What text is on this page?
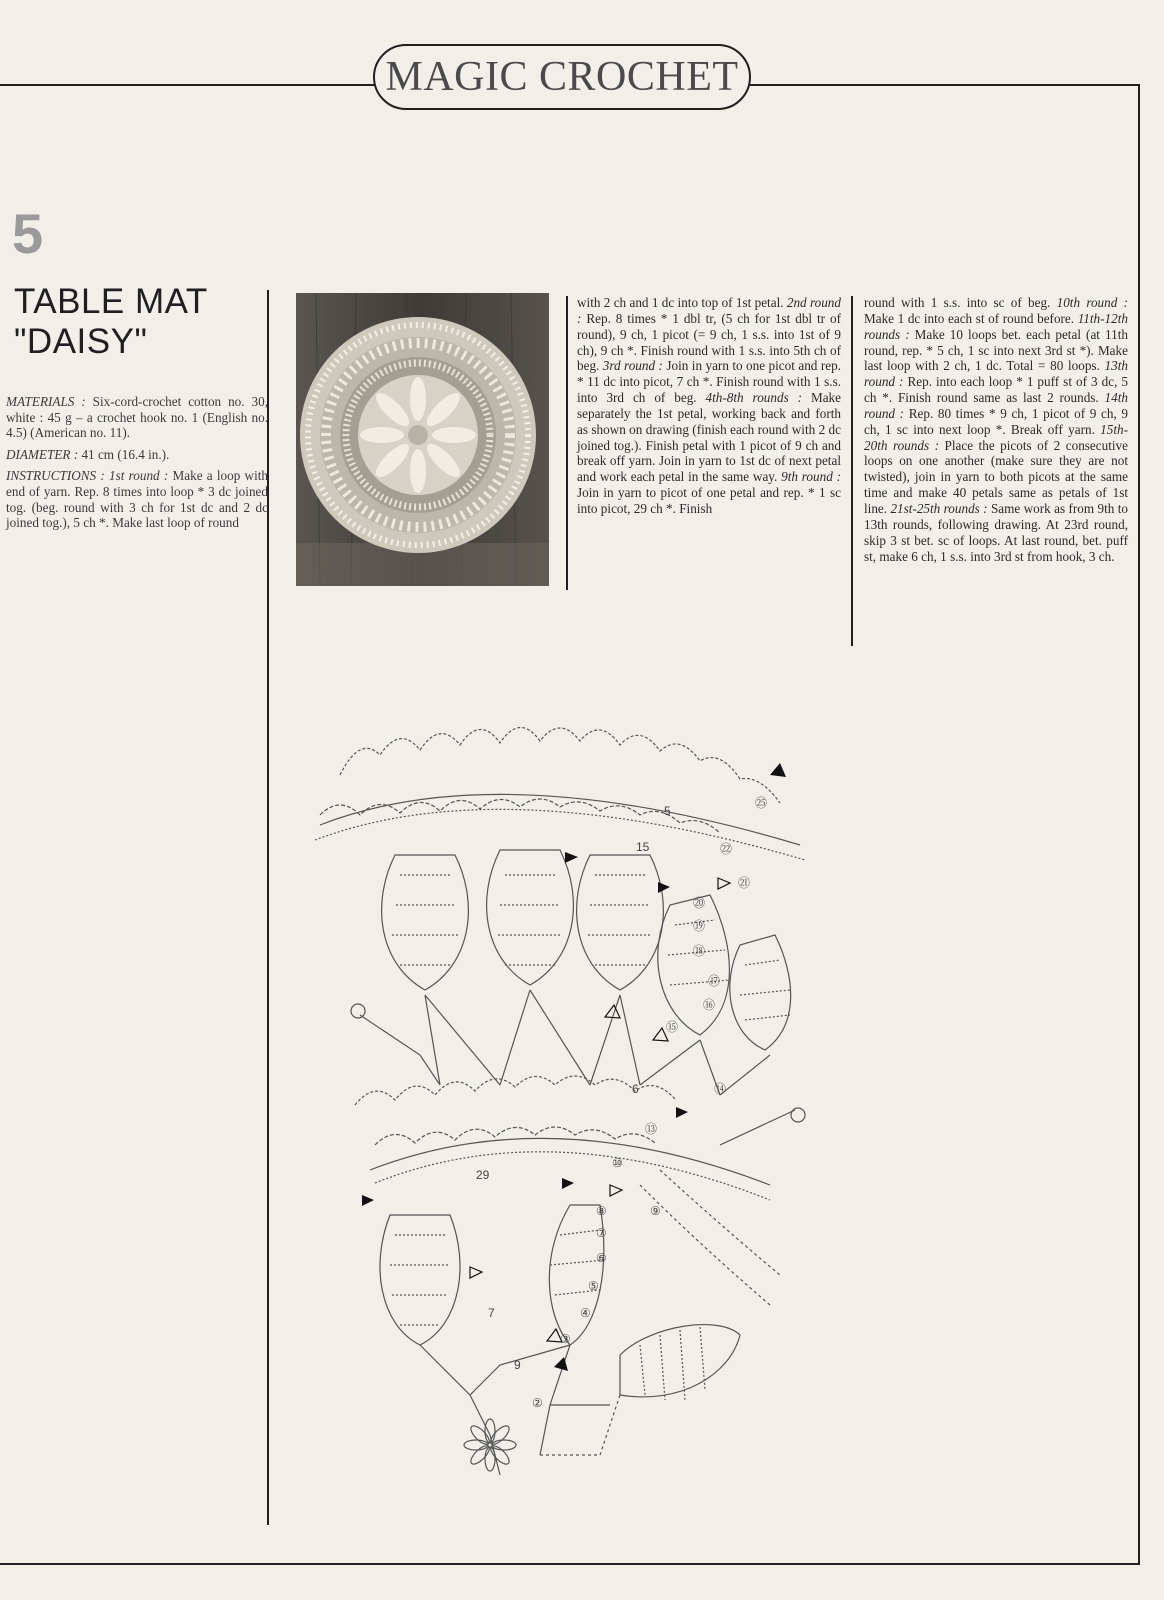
MAGIC CROCHET
5
TABLE MAT
"DAISY"

MATERIALS : Six-cord-crochet cotton no. 30, white : 45 g – a crochet hook no. 1 (English no. 4.5) (American no. 11).

DIAMETER : 41 cm (16.4 in.).

INSTRUCTIONS : 1st round : Make a loop with end of yarn. Rep. 8 times into loop * 3 dc joined tog. (beg. round with 3 ch for 1st dc and 2 dc joined tog.), 5 ch *. Make last loop of round

with 2 ch and 1 dc into top of 1st petal. 2nd round : Rep. 8 times * 1 dbl tr, (5 ch for 1st dbl tr of round), 9 ch, 1 picot (= 9 ch, 1 s.s. into 1st of 9 ch), 9 ch *. Finish round with 1 s.s. into 5th ch of beg. 3rd round : Join in yarn to one picot and rep. * 11 dc into picot, 7 ch *. Finish round with 1 s.s. into 3rd ch of beg. 4th-8th rounds : Make separately the 1st petal, working back and forth as shown on drawing (finish each round with 2 dc joined tog.). Finish petal with 1 picot of 9 ch and break off yarn. Join in yarn to 1st dc of next petal and work each petal in the same way. 9th round : Join in yarn to picot of one petal and rep. * 1 sc into picot, 29 ch *. Finish

round with 1 s.s. into sc of beg. 10th round : Make 1 dc into each st of round before. 11th-12th rounds : Make 10 loops bet. each petal (at 11th round, rep. * 5 ch, 1 sc into next 3rd st *). Make last loop with 2 ch, 1 dc. Total = 80 loops. 13th round : Rep. into each loop * 1 puff st of 3 dc, 5 ch *. Finish round same as last 2 rounds. 14th round : Rep. 80 times * 9 ch, 1 picot of 9 ch, 9 ch, 1 sc into next loop *. Break off yarn. 15th-20th rounds : Place the picots of 2 consecutive loops on one another (make sure they are not twisted), join in yarn to both picots at the same time and make 40 petals same as petals of 1st line. 21st-25th rounds : Same work as from 9th to 13th rounds, following drawing. At 23rd round, skip 3 st bet. sc of loops. At last round, bet. puff st, make 6 ch, 1 s.s. into 3rd st from hook, 3 ch.

㉕
㉒
㉑
⑳
⑲
⑱
⑰
⑯
⑮
⑭
⑬
⑩
⑨
⑧
⑦
⑥
⑤
④
③
②
15
29
7
9
6
5
